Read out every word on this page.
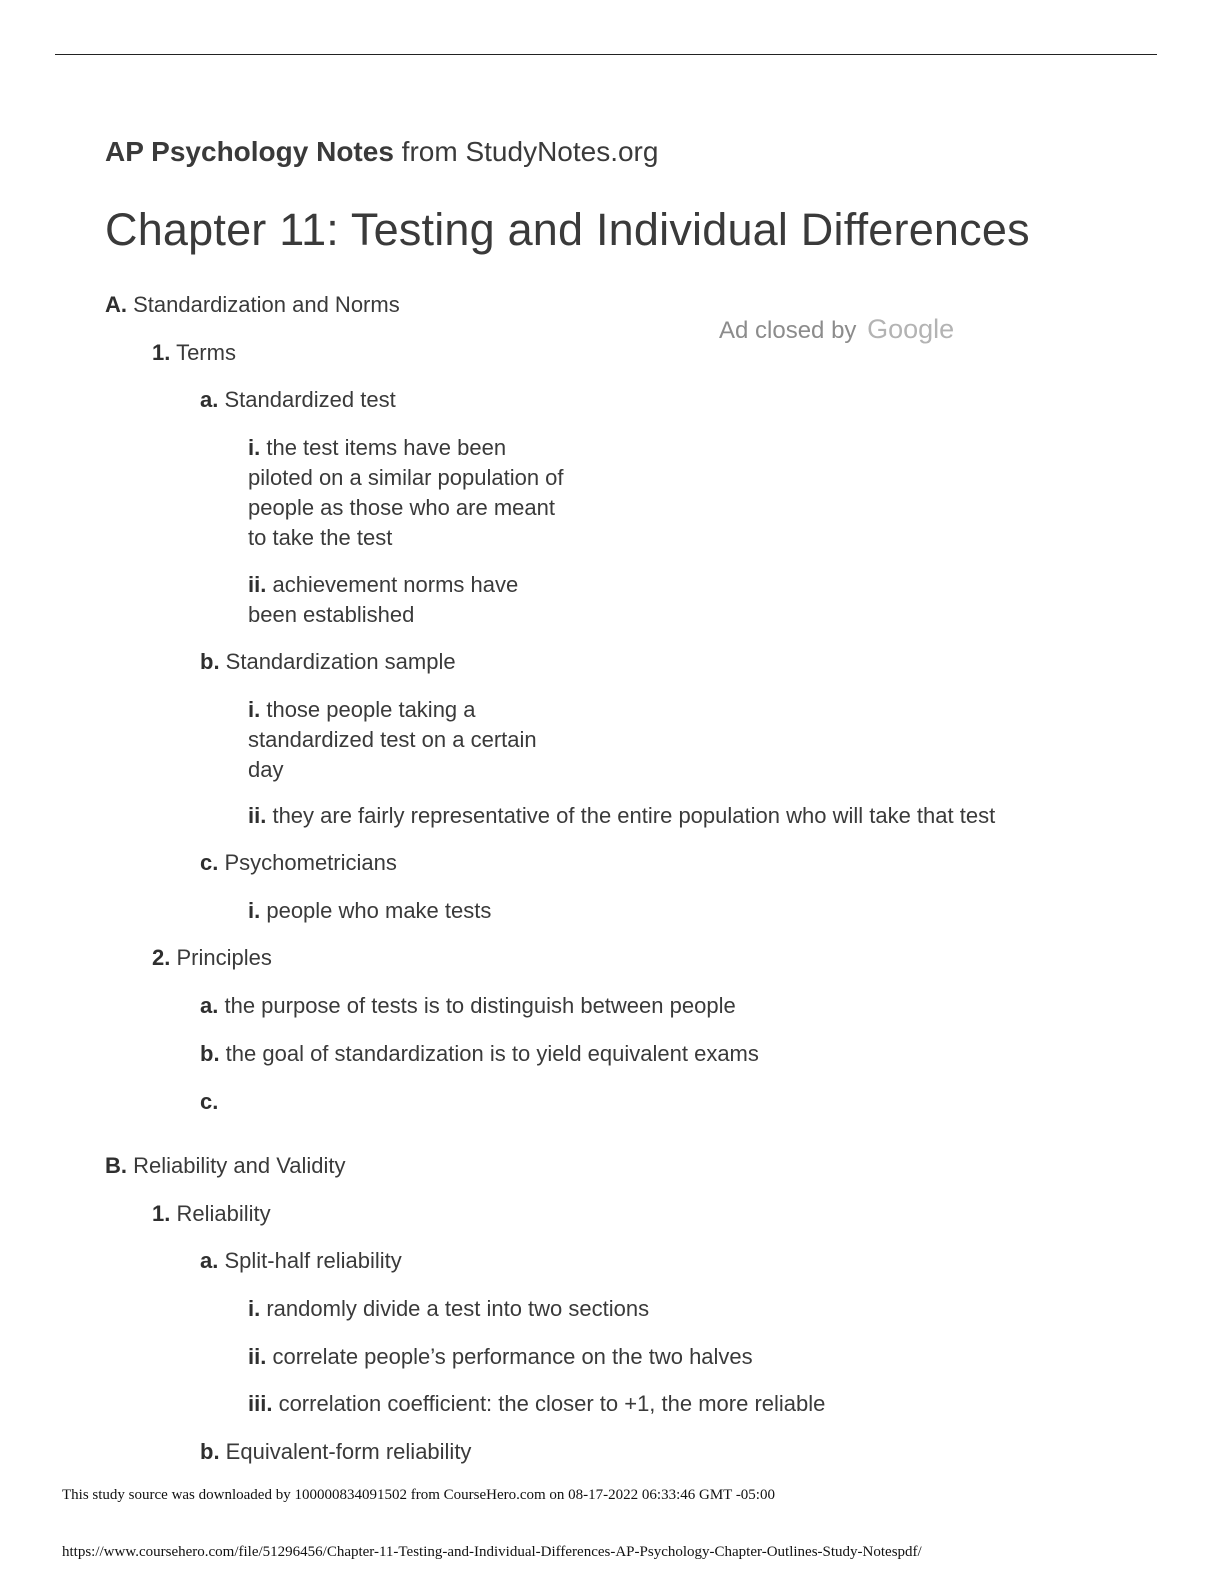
AP Psychology Notes from StudyNotes.org
Chapter 11: Testing and Individual Differences
Ad closed by Google
A. Standardization and Norms
1. Terms
a. Standardized test
i. the test items have been piloted on a similar population of people as those who are meant to take the test
ii. achievement norms have been established
b. Standardization sample
i. those people taking a standardized test on a certain day
ii. they are fairly representative of the entire population who will take that test
c. Psychometricians
i. people who make tests
2. Principles
a. the purpose of tests is to distinguish between people
b. the goal of standardization is to yield equivalent exams
c.
B. Reliability and Validity
1. Reliability
a. Split-half reliability
i. randomly divide a test into two sections
ii. correlate people’s performance on the two halves
iii. correlation coefficient: the closer to +1, the more reliable
b. Equivalent-form reliability
This study source was downloaded by 100000834091502 from CourseHero.com on 08-17-2022 06:33:46 GMT -05:00
https://www.coursehero.com/file/51296456/Chapter-11-Testing-and-Individual-Differences-AP-Psychology-Chapter-Outlines-Study-Notespdf/
